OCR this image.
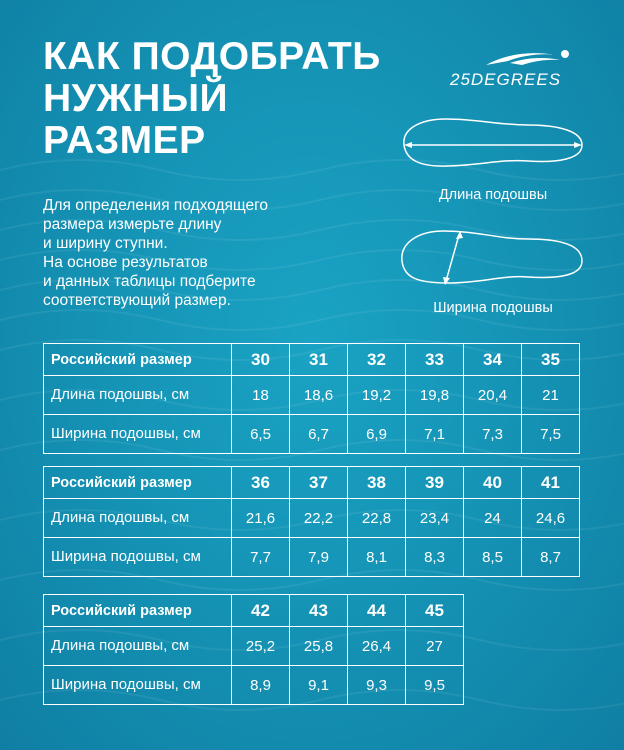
КАК ПОДОБРАТЬ
НУЖНЫЙ
РАЗМЕР
25DEGREES
Для определения подходящего
размера измерьте длину
и ширину ступни.
На основе результатов
и данных таблицы подберите
соответствующий размер.
Длина подошвы
Ширина подошвы
Российский размер	30	31	32	33	34	35
Длина подошвы, см	18	18,6	19,2	19,8	20,4	21
Ширина подошвы, см	6,5	6,7	6,9	7,1	7,3	7,5
Российский размер	36	37	38	39	40	41
Длина подошвы, см	21,6	22,2	22,8	23,4	24	24,6
Ширина подошвы, см	7,7	7,9	8,1	8,3	8,5	8,7
Российский размер	42	43	44	45
Длина подошвы, см	25,2	25,8	26,4	27
Ширина подошвы, см	8,9	9,1	9,3	9,5
